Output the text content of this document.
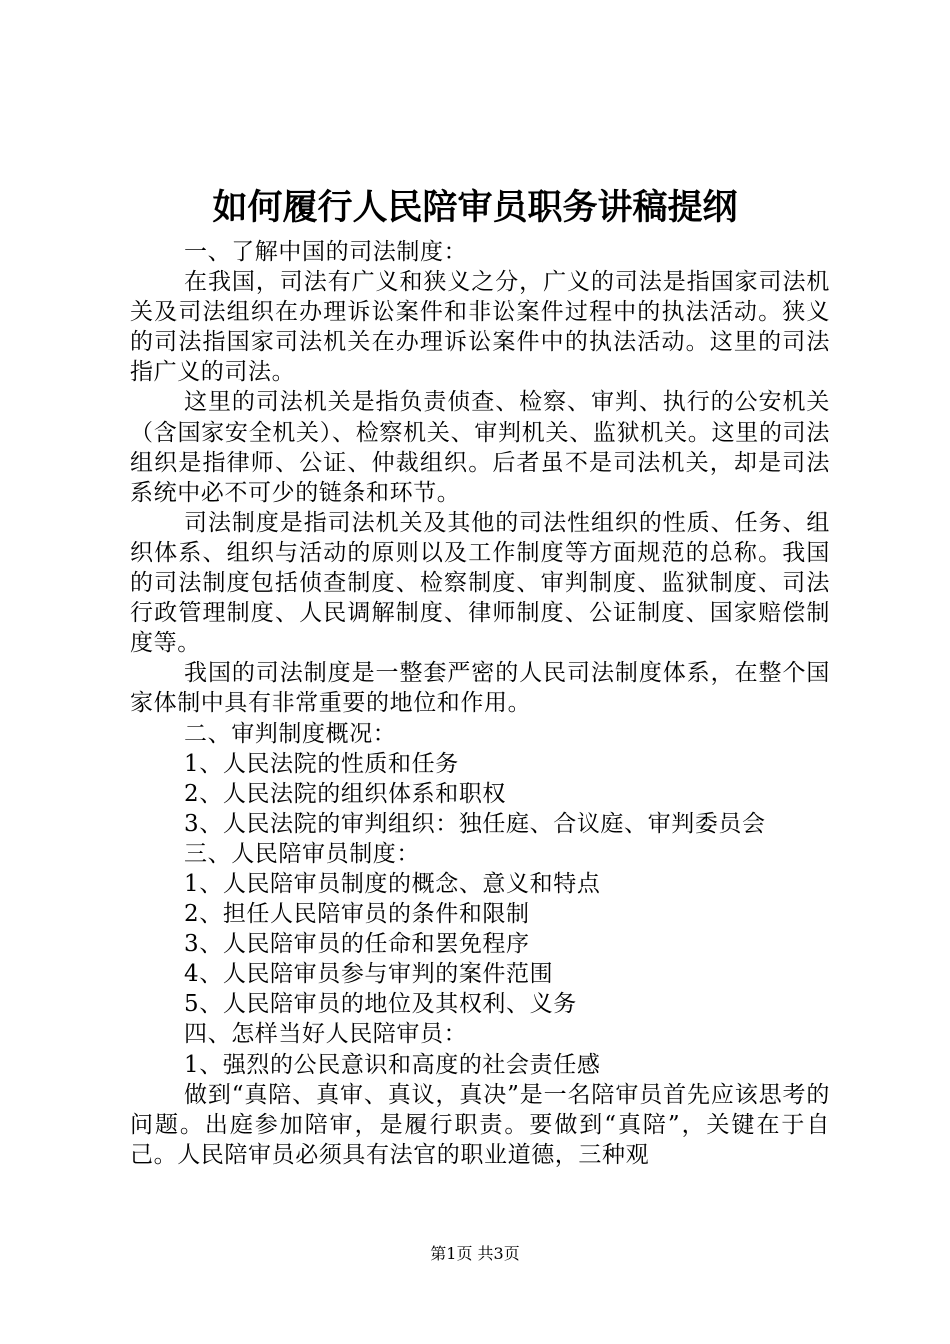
如何履行人民陪审员职务讲稿提纲

一、了解中国的司法制度：

在我国，司法有广义和狭义之分，广义的司法是指国家司法机关及司法组织在办理诉讼案件和非讼案件过程中的执法活动。狭义的司法指国家司法机关在办理诉讼案件中的执法活动。这里的司法指广义的司法。

这里的司法机关是指负责侦查、检察、审判、执行的公安机关（含国家安全机关）、检察机关、审判机关、监狱机关。这里的司法组织是指律师、公证、仲裁组织。后者虽不是司法机关，却是司法系统中必不可少的链条和环节。

司法制度是指司法机关及其他的司法性组织的性质、任务、组织体系、组织与活动的原则以及工作制度等方面规范的总称。我国的司法制度包括侦查制度、检察制度、审判制度、监狱制度、司法行政管理制度、人民调解制度、律师制度、公证制度、国家赔偿制度等。

我国的司法制度是一整套严密的人民司法制度体系，在整个国家体制中具有非常重要的地位和作用。

二、审判制度概况：

1、人民法院的性质和任务

2、人民法院的组织体系和职权

3、人民法院的审判组织：独任庭、合议庭、审判委员会

三、人民陪审员制度：

1、人民陪审员制度的概念、意义和特点

2、担任人民陪审员的条件和限制

3、人民陪审员的任命和罢免程序

4、人民陪审员参与审判的案件范围

5、人民陪审员的地位及其权利、义务

四、怎样当好人民陪审员：

1、强烈的公民意识和高度的社会责任感

做到“真陪、真审、真议，真决”是一名陪审员首先应该思考的问题。出庭参加陪审，是履行职责。要做到“真陪”，关键在于自己。人民陪审员必须具有法官的职业道德，三种观

第1页 共3页
